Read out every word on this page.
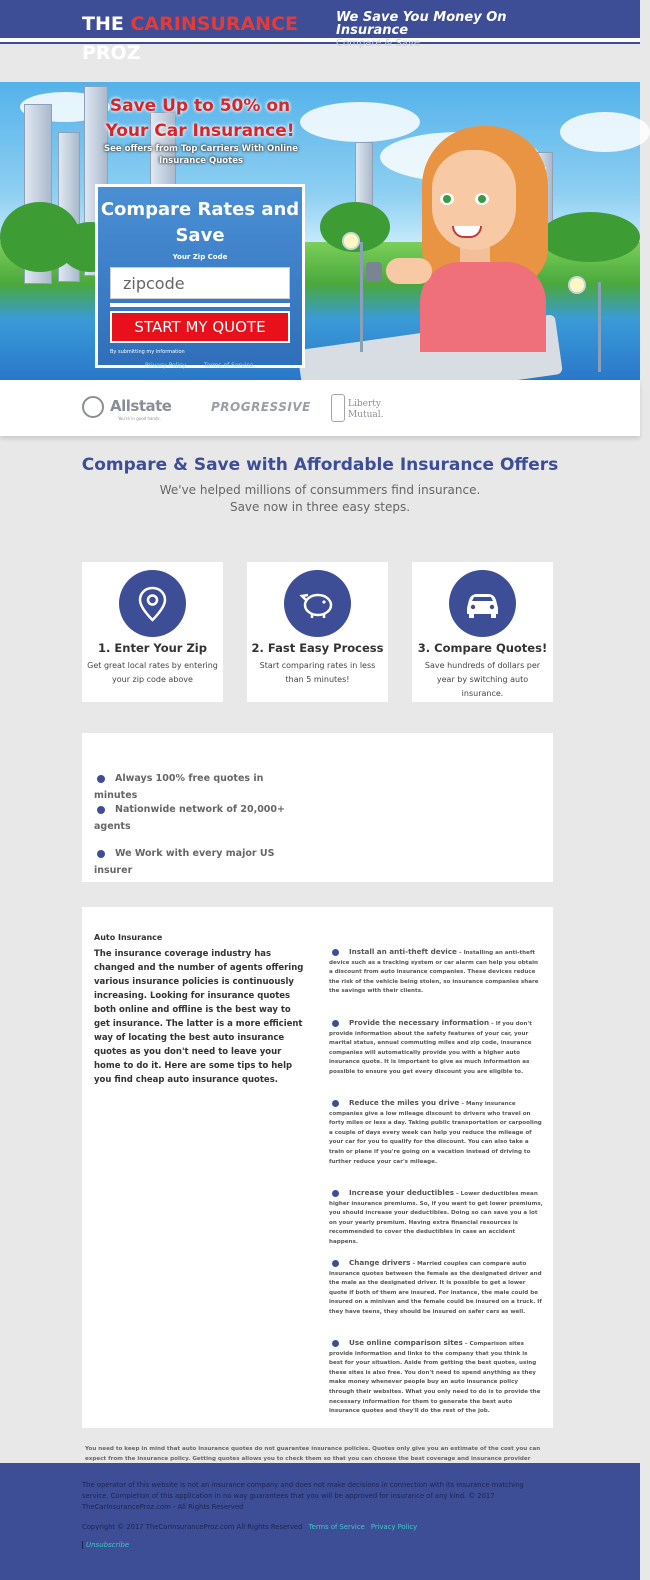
THE CARINSURANCE
PROZ
We Save You Money On Insurance
Compare & Save
Save Up to 50% on Your Car Insurance!
See offers from Top Carriers With Online Insurance Quotes
Compare Rates and Save
Your Zip Code
zipcode
START MY QUOTE
By submitting my information
Privacy Policy	Terms of Service
Allstate
You're in good hands.
PROGRESSIVE	Liberty
Mutual.
Compare & Save with Affordable Insurance Offers
We've helped millions of consummers find insurance.
Save now in three easy steps.
1. Enter Your Zip
Get great local rates by entering your zip code above
2. Fast Easy Process
Start comparing rates in less than 5 minutes!
3. Compare Quotes!
Save hundreds of dollars per year by switching auto insurance.
Always 100% free quotes in minutes
Nationwide network of 20,000+ agents
We Work with every major US insurer
Auto Insurance
The insurance coverage industry has changed and the number of agents offering various insurance policies is continuously increasing. Looking for insurance quotes both online and offline is the best way to get insurance. The latter is a more efficient way of locating the best auto insurance quotes as you don't need to leave your home to do it. Here are some tips to help you find cheap auto insurance quotes.
Install an anti-theft device – Installing an anti-theft
device such as a tracking system or car alarm can help you obtain a discount from auto insurance companies. These devices reduce the risk of the vehicle being stolen, so insurance companies share the savings with their clients.
Provide the necessary information – If you don't
provide information about the safety features of your car, your marital status, annual commuting miles and zip code, insurance companies will automatically provide you with a higher auto insurance quote. It is important to give as much information as possible to ensure you get every discount you are eligible to.
Reduce the miles you drive – Many insurance
companies give a low mileage discount to drivers who travel on forty miles or less a day. Taking public transportation or carpooling a couple of days every week can help you reduce the mileage of your car for you to qualify for the discount. You can also take a train or plane if you're going on a vacation instead of driving to further reduce your car's mileage.
Increase your deductibles – Lower deductibles mean
higher insurance premiums. So, if you want to get lower premiums, you should increase your deductibles. Doing so can save you a lot on your yearly premium. Having extra financial resources is recommended to cover the deductibles in case an accident happens.
Change drivers – Married couples can compare auto
insurance quotes between the female as the designated driver and the male as the designated driver. It is possible to get a lower quote if both of them are insured. For instance, the male could be insured on a minivan and the female could be insured on a truck. If they have teens, they should be insured on safer cars as well.
Use online comparison sites – Comparison sites
provide information and links to the company that you think is best for your situation. Aside from getting the best quotes, using these sites is also free. You don't need to spend anything as they make money whenever people buy an auto insurance policy through their websites. What you only need to do is to provide the necessary information for them to generate the best auto insurance quotes and they'll do the rest of the job.
You need to keep in mind that auto insurance quotes do not guarantee insurance policies. Quotes only give you an estimate of the cost you can expect from the insurance policy. Getting quotes allows you to check them so that you can choose the best coverage and insurance provider
The operator of this website is not an insurance company and does not make decisions in connection with its insurance matching service. Completion of this application in no way guarantees that you will be approved for insurance of any kind. © 2017 TheCarInsuranceProz.com - All Rights Reserved
Copyright © 2017 TheCarInsuranceProz.com All Rights Reserved Terms of Service Privacy Policy
Unsubscribe
